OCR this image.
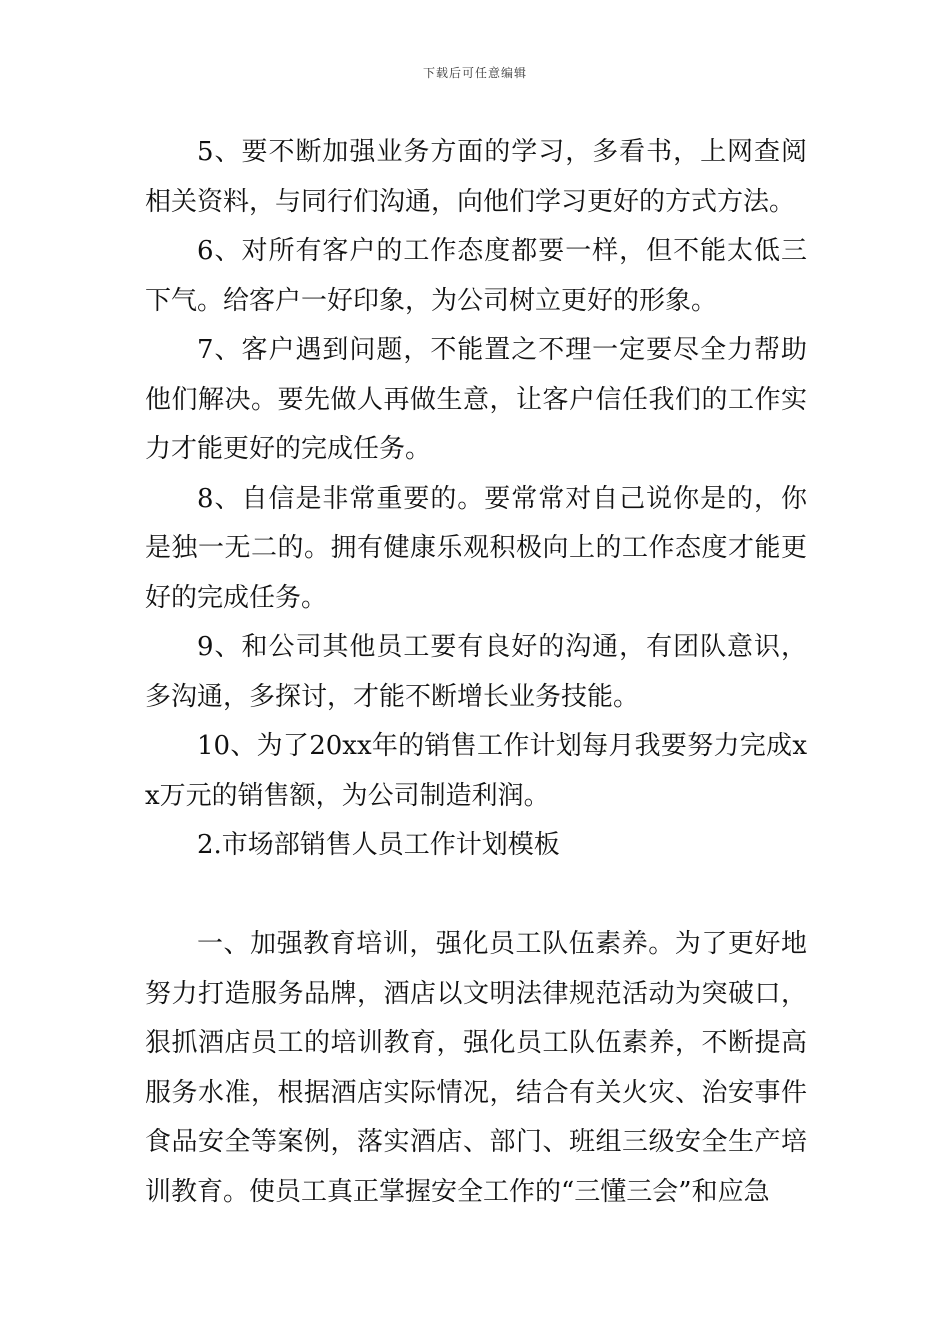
下载后可任意编辑

5、要不断加强业务方面的学习，多看书，上网查阅相关资料，与同行们沟通，向他们学习更好的方式方法。

6、对所有客户的工作态度都要一样，但不能太低三下气。给客户一好印象，为公司树立更好的形象。

7、客户遇到问题，不能置之不理一定要尽全力帮助他们解决。要先做人再做生意，让客户信任我们的工作实力才能更好的完成任务。

8、自信是非常重要的。要常常对自己说你是的，你是独一无二的。拥有健康乐观积极向上的工作态度才能更好的完成任务。

9、和公司其他员工要有良好的沟通，有团队意识，多沟通，多探讨，才能不断增长业务技能。

10、为了20xx年的销售工作计划每月我要努力完成xx万元的销售额，为公司制造利润。

2.市场部销售人员工作计划模板

一、加强教育培训，强化员工队伍素养。为了更好地努力打造服务品牌，酒店以文明法律规范活动为突破口，狠抓酒店员工的培训教育，强化员工队伍素养，不断提高服务水准，根据酒店实际情况，结合有关火灾、治安事件食品安全等案例，落实酒店、部门、班组三级安全生产培训教育。使员工真正掌握安全工作的“三懂三会”和应急
